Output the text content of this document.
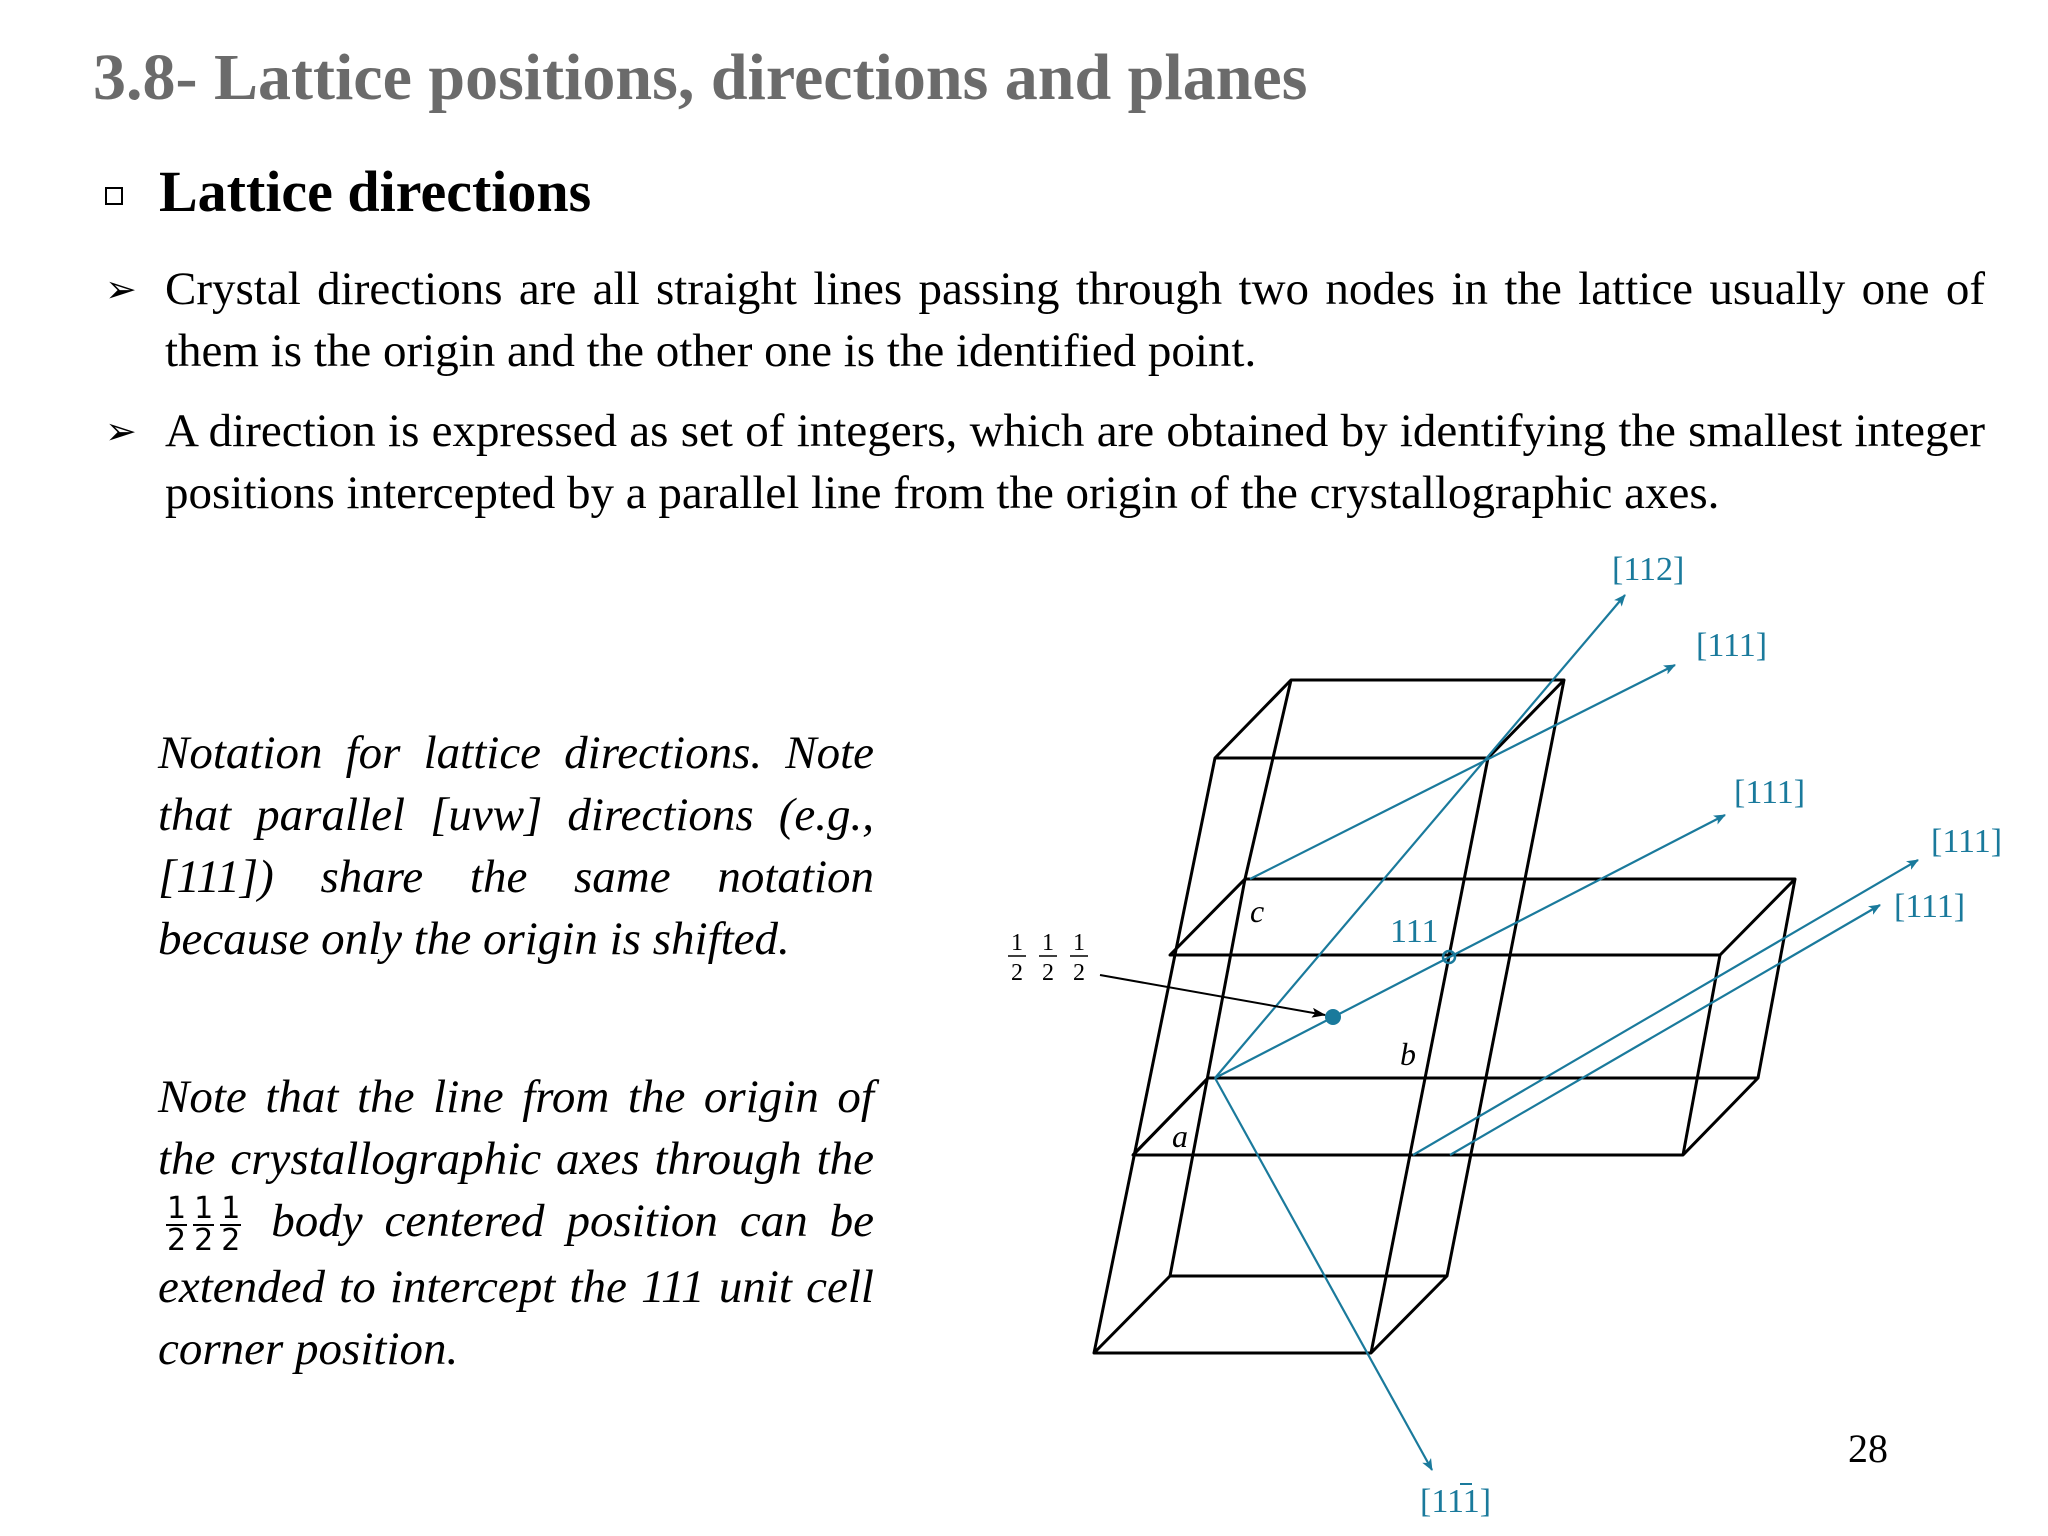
3.8- Lattice positions, directions and planes
Lattice directions
➢ Crystal directions are all straight lines passing through two nodes in the lattice usually one of them is the origin and the other one is the identified point.
➢ A direction is expressed as set of integers, which are obtained by identifying the smallest integer positions intercepted by a parallel line from the origin of the crystallographic axes.
Notation for lattice directions. Note that parallel [uvw] directions (e.g., [111]) share the same notation because only the origin is shifted.
Note that the line from the origin of the crystallographic axes through the
$\frac{1}{2} \frac{1}{2} \frac{1}{2}$ body centered position can be extended to intercept the 111 unit cell corner position.
[112]
[111]
[111]
[111]
[111]
111
[111]
a
b
c
1 1 1
2 2 2
28
